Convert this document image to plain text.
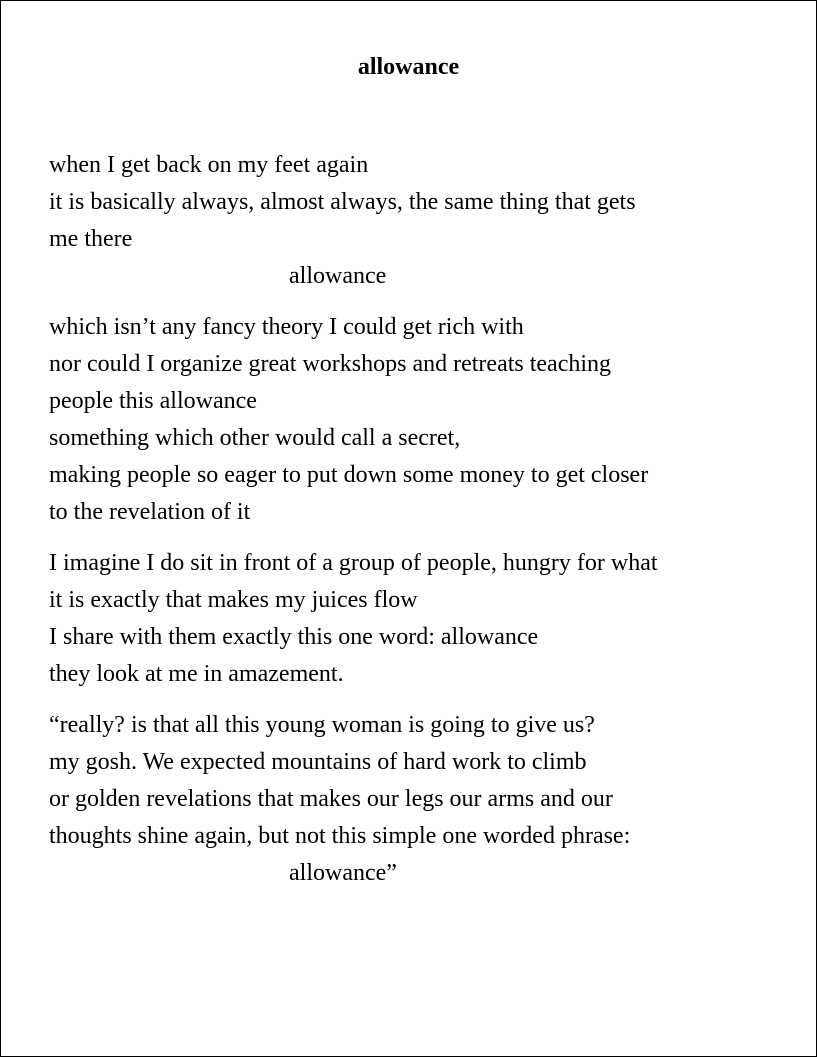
allowance
when I get back on my feet again
it is basically always, almost always, the same thing that gets
me there
allowance
which isn’t any fancy theory I could get rich with
nor could I organize great workshops and retreats teaching
people this allowance
something which other would call a secret,
making people so eager to put down some money to get closer
to the revelation of it
I imagine I do sit in front of a group of people, hungry for what
it is exactly that makes my juices flow
I share with them exactly this one word: allowance
they look at me in amazement.
“really? is that all this young woman is going to give us?
my gosh. We expected mountains of hard work to climb
or golden revelations that makes our legs our arms and our
thoughts shine again, but not this simple one worded phrase:
allowance”
